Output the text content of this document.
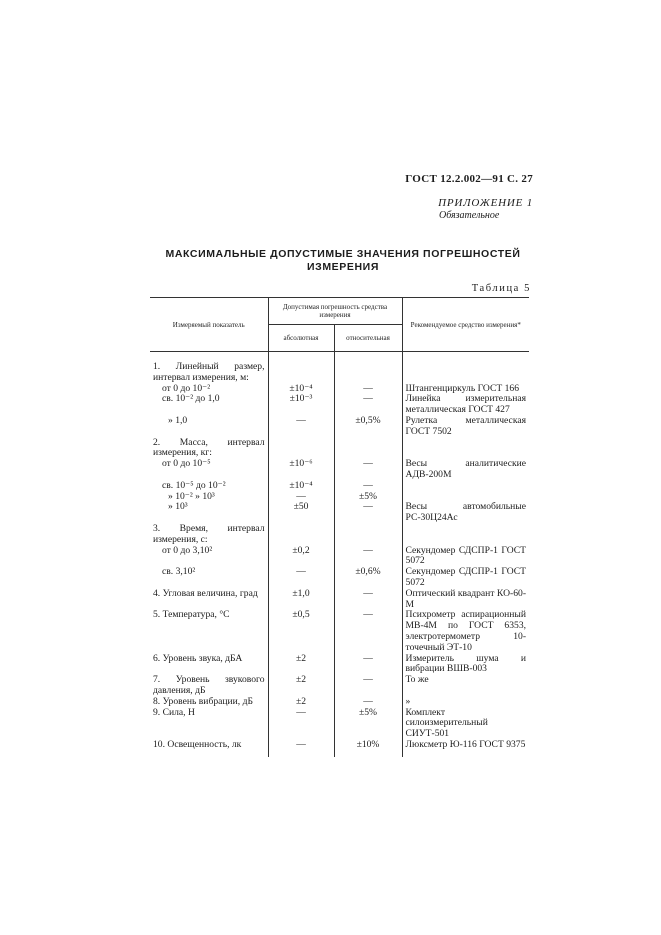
ГОСТ 12.2.002—91 С. 27
ПРИЛОЖЕНИЕ 1
Обязательное
МАКСИМАЛЬНЫЕ ДОПУСТИМЫЕ ЗНАЧЕНИЯ ПОГРЕШНОСТЕЙ ИЗМЕРЕНИЯ
Таблица 5
Измеряемый показатель	Допустимая погрешность средства измерения		Рекомендуемое средство измерения*
	абсолютная	относительная	
1. Линейный размер, интервал измерения, м:			
от 0 до 10⁻²	±10⁻⁴	—	Штангенциркуль ГОСТ 166
св. 10⁻² до 1,0	±10⁻³	—	Линейка измерительная металлическая ГОСТ 427
» 1,0	—	±0,5%	Рулетка металлическая ГОСТ 7502
2. Масса, интервал измерения, кг:			
от 0 до 10⁻⁵	±10⁻⁶	—	Весы аналитические АДВ-200М
св. 10⁻⁵ до 10⁻²	±10⁻⁴	—	
» 10⁻² » 10³	—	±5%	
» 10³	±50	—	Весы автомобильные РС-30Ц24Ас
3. Время, интервал измерения, с:			
от 0 до 3,10²	±0,2	—	Секундомер СДСПР-1 ГОСТ 5072
св. 3,10²	—	±0,6%	Секундомер СДСПР-1 ГОСТ 5072
4. Угловая величина, град	±1,0	—	Оптический квадрант КО-60-М
5. Температура, °С	±0,5	—	Психрометр аспирационный МВ-4М по ГОСТ 6353, электротермометр 10-точечный ЭТ-10
6. Уровень звука, дБА	±2	—	Измеритель шума и вибрации ВШВ-003
7. Уровень звукового давления, дБ	±2	—	То же
8. Уровень вибрации, дБ	±2	—	»
9. Сила, Н	—	±5%	Комплект силоизмерительный СИУТ-501
10. Освещенность, лк	—	±10%	Люксметр Ю-116 ГОСТ 9375
